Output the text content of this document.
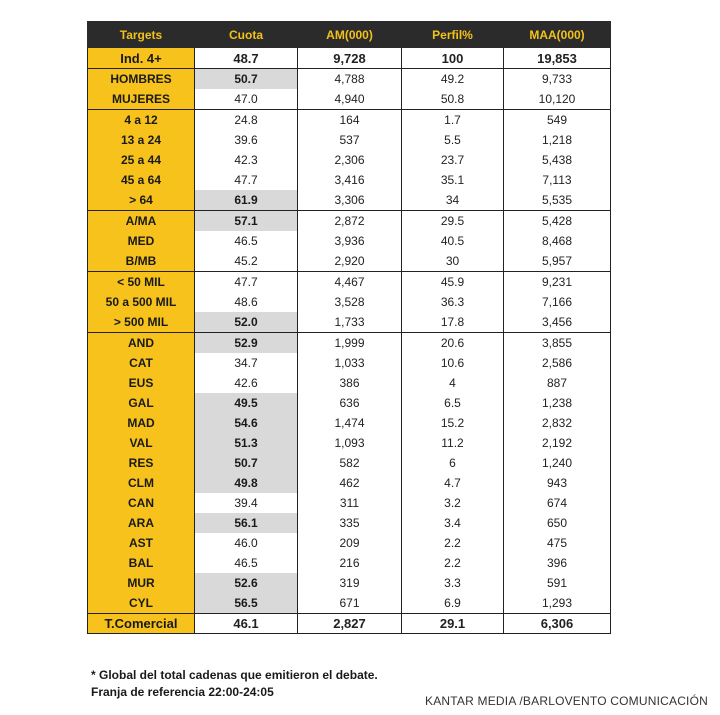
Targets	Cuota	AM(000)	Perfil%	MAA(000)
Ind. 4+	48.7	9,728	100	19,853
HOMBRES	50.7	4,788	49.2	9,733
MUJERES	47.0	4,940	50.8	10,120
4 a 12	24.8	164	1.7	549
13 a 24	39.6	537	5.5	1,218
25 a 44	42.3	2,306	23.7	5,438
45 a 64	47.7	3,416	35.1	7,113
> 64	61.9	3,306	34	5,535
A/MA	57.1	2,872	29.5	5,428
MED	46.5	3,936	40.5	8,468
B/MB	45.2	2,920	30	5,957
< 50 MIL	47.7	4,467	45.9	9,231
50 a 500 MIL	48.6	3,528	36.3	7,166
> 500 MIL	52.0	1,733	17.8	3,456
AND	52.9	1,999	20.6	3,855
CAT	34.7	1,033	10.6	2,586
EUS	42.6	386	4	887
GAL	49.5	636	6.5	1,238
MAD	54.6	1,474	15.2	2,832
VAL	51.3	1,093	11.2	2,192
RES	50.7	582	6	1,240
CLM	49.8	462	4.7	943
CAN	39.4	311	3.2	674
ARA	56.1	335	3.4	650
AST	46.0	209	2.2	475
BAL	46.5	216	2.2	396
MUR	52.6	319	3.3	591
CYL	56.5	671	6.9	1,293
T.Comercial	46.1	2,827	29.1	6,306
* Global del total cadenas que emitieron el debate.
Franja de referencia 22:00-24:05
KANTAR MEDIA /BARLOVENTO COMUNICACIÓN
